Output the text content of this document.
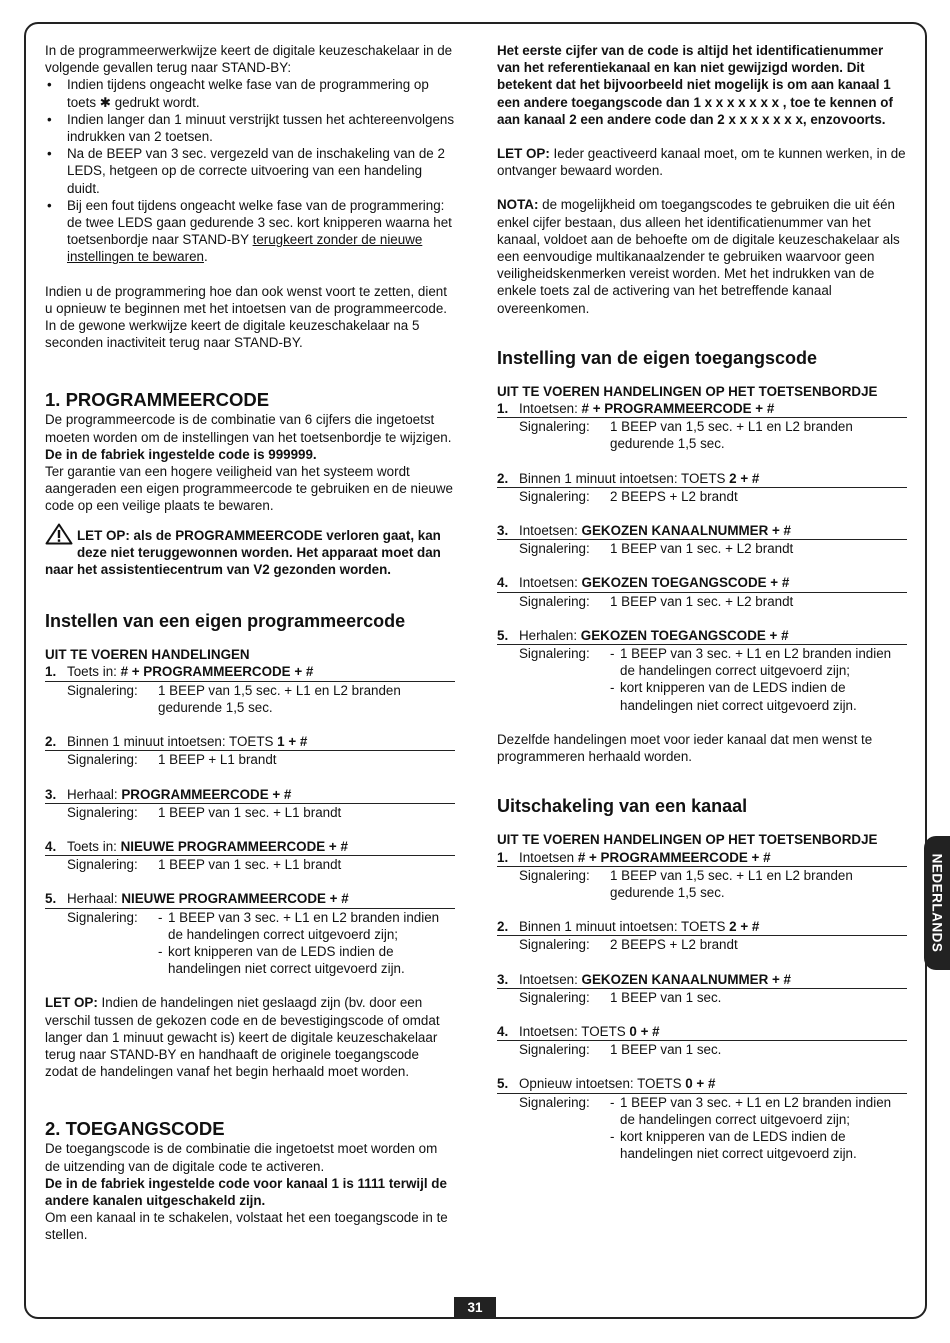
In de programmeerwerkwijze keert de digitale keuzeschakelaar in de volgende gevallen terug naar STAND-BY:

• Indien tijdens ongeacht welke fase van de programmering op toets ✱ gedrukt wordt.
• Indien langer dan 1 minuut verstrijkt tussen het achtereenvolgens indrukken van 2 toetsen.
• Na de BEEP van 3 sec. vergezeld van de inschakeling van de 2 LEDS, hetgeen op de correcte uitvoering van een handeling duidt.
• Bij een fout tijdens ongeacht welke fase van de programmering: de twee LEDS gaan gedurende 3 sec. kort knipperen waarna het toetsenbordje naar STAND-BY terugkeert zonder de nieuwe instellingen te bewaren.

Indien u de programmering hoe dan ook wenst voort te zetten, dient u opnieuw te beginnen met het intoetsen van de programmeercode.

In de gewone werkwijze keert de digitale keuzeschakelaar na 5 seconden inactiviteit terug naar STAND-BY.

1. PROGRAMMEERCODE

De programmeercode is de combinatie van 6 cijfers die ingetoetst moeten worden om de instellingen van het toetsenbordje te wijzigen.

De in de fabriek ingestelde code is 999999.

Ter garantie van een hogere veiligheid van het systeem wordt aangeraden een eigen programmeercode te gebruiken en de nieuwe code op een veilige plaats te bewaren.

LET OP: als de PROGRAMMEERCODE verloren gaat, kan deze niet teruggewonnen worden. Het apparaat moet dan naar het assistentiecentrum van V2 gezonden worden.

Instellen van een eigen programmeercode

UIT TE VOEREN HANDELINGEN

1. Toets in: # + PROGRAMMEERCODE + #
Signalering:	1 BEEP van 1,5 sec. + L1 en L2 branden gedurende 1,5 sec.
2. Binnen 1 minuut intoetsen: TOETS 1 + #
Signalering:	1 BEEP + L1 brandt
3. Herhaal: PROGRAMMEERCODE + #
Signalering:	1 BEEP van 1 sec. + L1 brandt
4. Toets in: NIEUWE PROGRAMMEERCODE + #
Signalering:	1 BEEP van 1 sec. + L1 brandt
5. Herhaal: NIEUWE PROGRAMMEERCODE + #
Signalering:	- 1 BEEP van 3 sec. + L1 en L2 branden indien de handelingen correct uitgevoerd zijn;
- kort knipperen van de LEDS indien de handelingen niet correct uitgevoerd zijn.

LET OP: Indien de handelingen niet geslaagd zijn (bv. door een verschil tussen de gekozen code en de bevestigingscode of omdat langer dan 1 minuut gewacht is) keert de digitale keuzeschakelaar terug naar STAND-BY en handhaaft de originele toegangscode zodat de handelingen vanaf het begin herhaald moet worden.

2. TOEGANGSCODE

De toegangscode is de combinatie die ingetoetst moet worden om de uitzending van de digitale code te activeren.

De in de fabriek ingestelde code voor kanaal 1 is 1111 terwijl de andere kanalen uitgeschakeld zijn.

Om een kanaal in te schakelen, volstaat het een toegangscode in te stellen.

Het eerste cijfer van de code is altijd het identificatienummer van het referentiekanaal en kan niet gewijzigd worden. Dit betekent dat het bijvoorbeeld niet mogelijk is om aan kanaal 1 een andere toegangscode dan 1 x x x x x x x , toe te kennen of aan kanaal 2 een andere code dan 2 x x x x x x x, enzovoorts.

LET OP: Ieder geactiveerd kanaal moet, om te kunnen werken, in de ontvanger bewaard worden.

NOTA: de mogelijkheid om toegangscodes te gebruiken die uit één enkel cijfer bestaan, dus alleen het identificatienummer van het kanaal, voldoet aan de behoefte om de digitale keuzeschakelaar als een eenvoudige multikanaalzender te gebruiken waarvoor geen veiligheidskenmerken vereist worden. Met het indrukken van de enkele toets zal de activering van het betreffende kanaal overeenkomen.

Instelling van de eigen toegangscode

UIT TE VOEREN HANDELINGEN OP HET TOETSENBORDJE

1. Intoetsen: # + PROGRAMMEERCODE + #
Signalering:	1 BEEP van 1,5 sec. + L1 en L2 branden gedurende 1,5 sec.
2. Binnen 1 minuut intoetsen: TOETS 2 + #
Signalering:	2 BEEPS + L2 brandt
3. Intoetsen: GEKOZEN KANAALNUMMER + #
Signalering:	1 BEEP van 1 sec. + L2 brandt
4. Intoetsen: GEKOZEN TOEGANGSCODE + #
Signalering:	1 BEEP van 1 sec. + L2 brandt
5. Herhalen: GEKOZEN TOEGANGSCODE + #
Signalering:	- 1 BEEP van 3 sec. + L1 en L2 branden indien de handelingen correct uitgevoerd zijn;
- kort knipperen van de LEDS indien de handelingen niet correct uitgevoerd zijn.

Dezelfde handelingen moet voor ieder kanaal dat men wenst te programmeren herhaald worden.

Uitschakeling van een kanaal

UIT TE VOEREN HANDELINGEN OP HET TOETSENBORDJE

1. Intoetsen # + PROGRAMMEERCODE + #
Signalering:	1 BEEP van 1,5 sec. + L1 en L2 branden gedurende 1,5 sec.
2. Binnen 1 minuut intoetsen: TOETS 2 + #
Signalering:	2 BEEPS + L2 brandt
3. Intoetsen: GEKOZEN KANAALNUMMER + #
Signalering:	1 BEEP van 1 sec.
4. Intoetsen: TOETS 0 + #
Signalering:	1 BEEP van 1 sec.
5. Opnieuw intoetsen: TOETS 0 + #
Signalering:	- 1 BEEP van 3 sec. + L1 en L2 branden indien de handelingen correct uitgevoerd zijn;
- kort knipperen van de LEDS indien de handelingen niet correct uitgevoerd zijn.
NEDERLANDS
31
